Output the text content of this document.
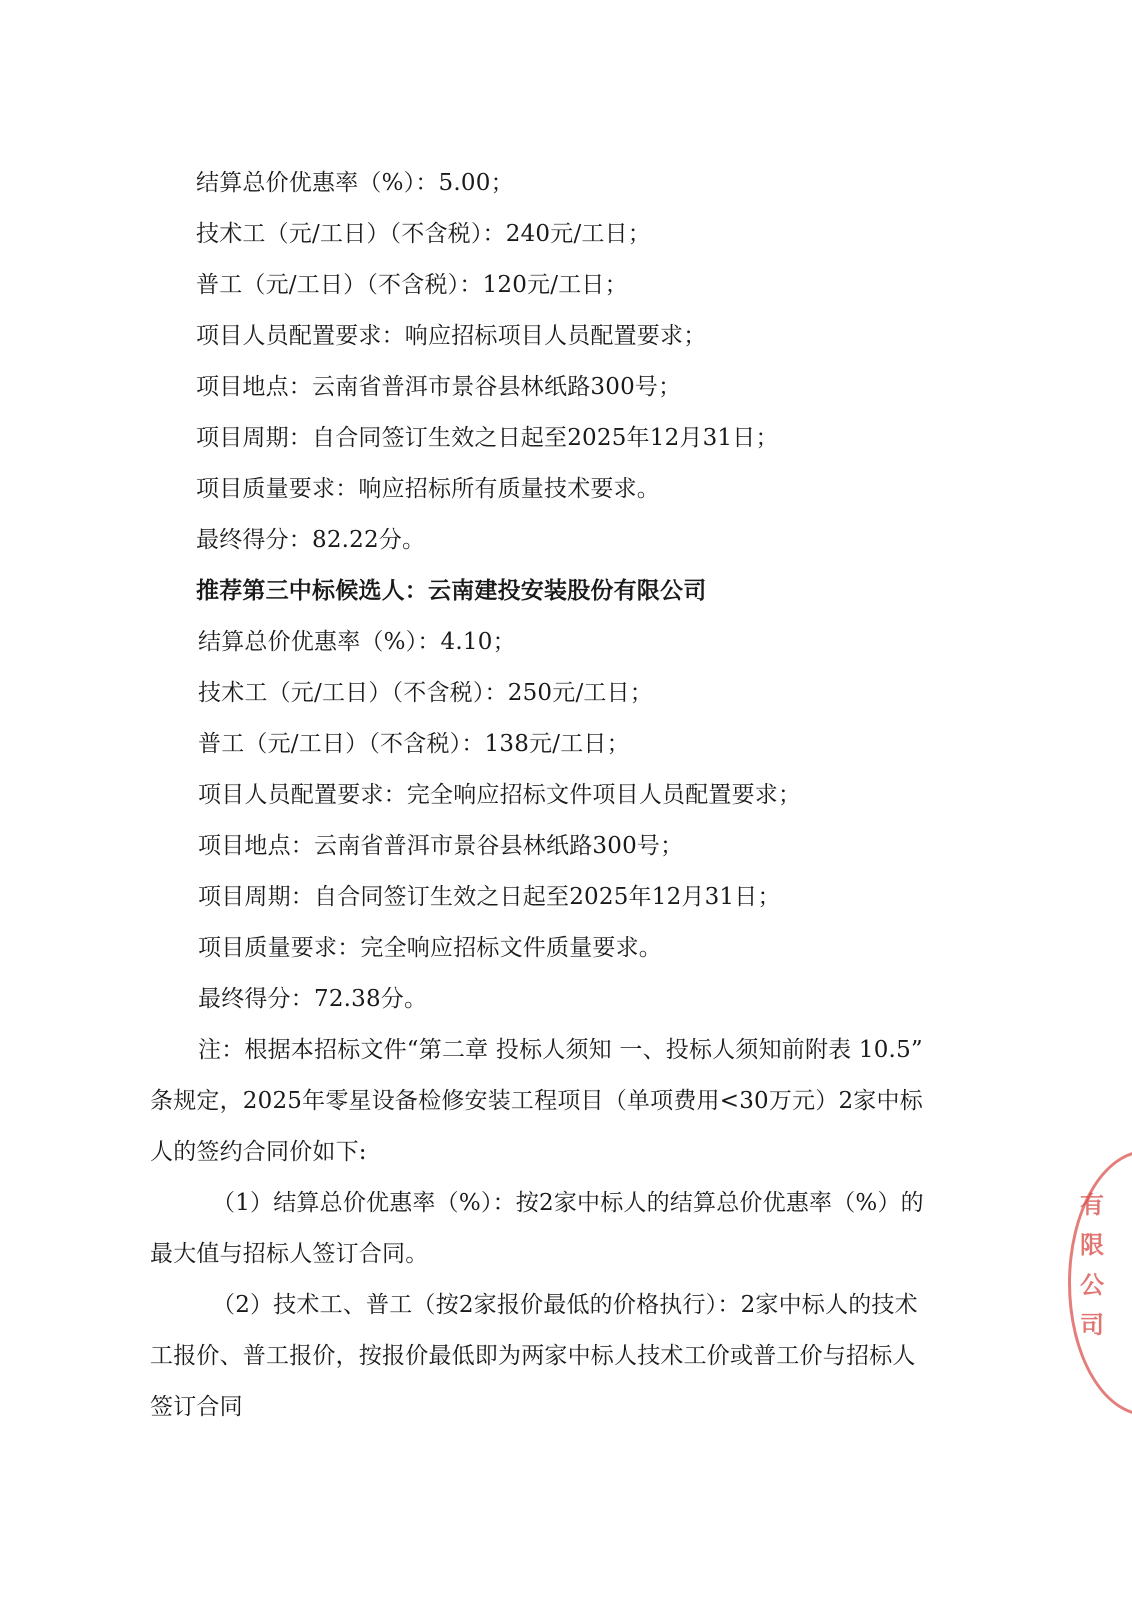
结算总价优惠率（%）：5.00；
技术工（元/工日）（不含税）：240元/工日；
普工（元/工日）（不含税）：120元/工日；
项目人员配置要求：响应招标项目人员配置要求；
项目地点：云南省普洱市景谷县林纸路300号；
项目周期：自合同签订生效之日起至2025年12月31日；
项目质量要求：响应招标所有质量技术要求。
最终得分：82.22分。
推荐第三中标候选人：云南建投安装股份有限公司
结算总价优惠率（%）：4.10；
技术工（元/工日）（不含税）：250元/工日；
普工（元/工日）（不含税）：138元/工日；
项目人员配置要求：完全响应招标文件项目人员配置要求；
项目地点：云南省普洱市景谷县林纸路300号；
项目周期：自合同签订生效之日起至2025年12月31日；
项目质量要求：完全响应招标文件质量要求。
最终得分：72.38分。
注：根据本招标文件“第二章 投标人须知 一、投标人须知前附表 10.5”
条规定，2025年零星设备检修安装工程项目（单项费用<30万元）2家中标
人的签约合同价如下:
（1）结算总价优惠率（%）：按2家中标人的结算总价优惠率（%）的
最大值与招标人签订合同。
（2）技术工、普工（按2家报价最低的价格执行）：2家中标人的技术
工报价、普工报价，按报价最低即为两家中标人技术工价或普工价与招标人
签订合同
有限公司
